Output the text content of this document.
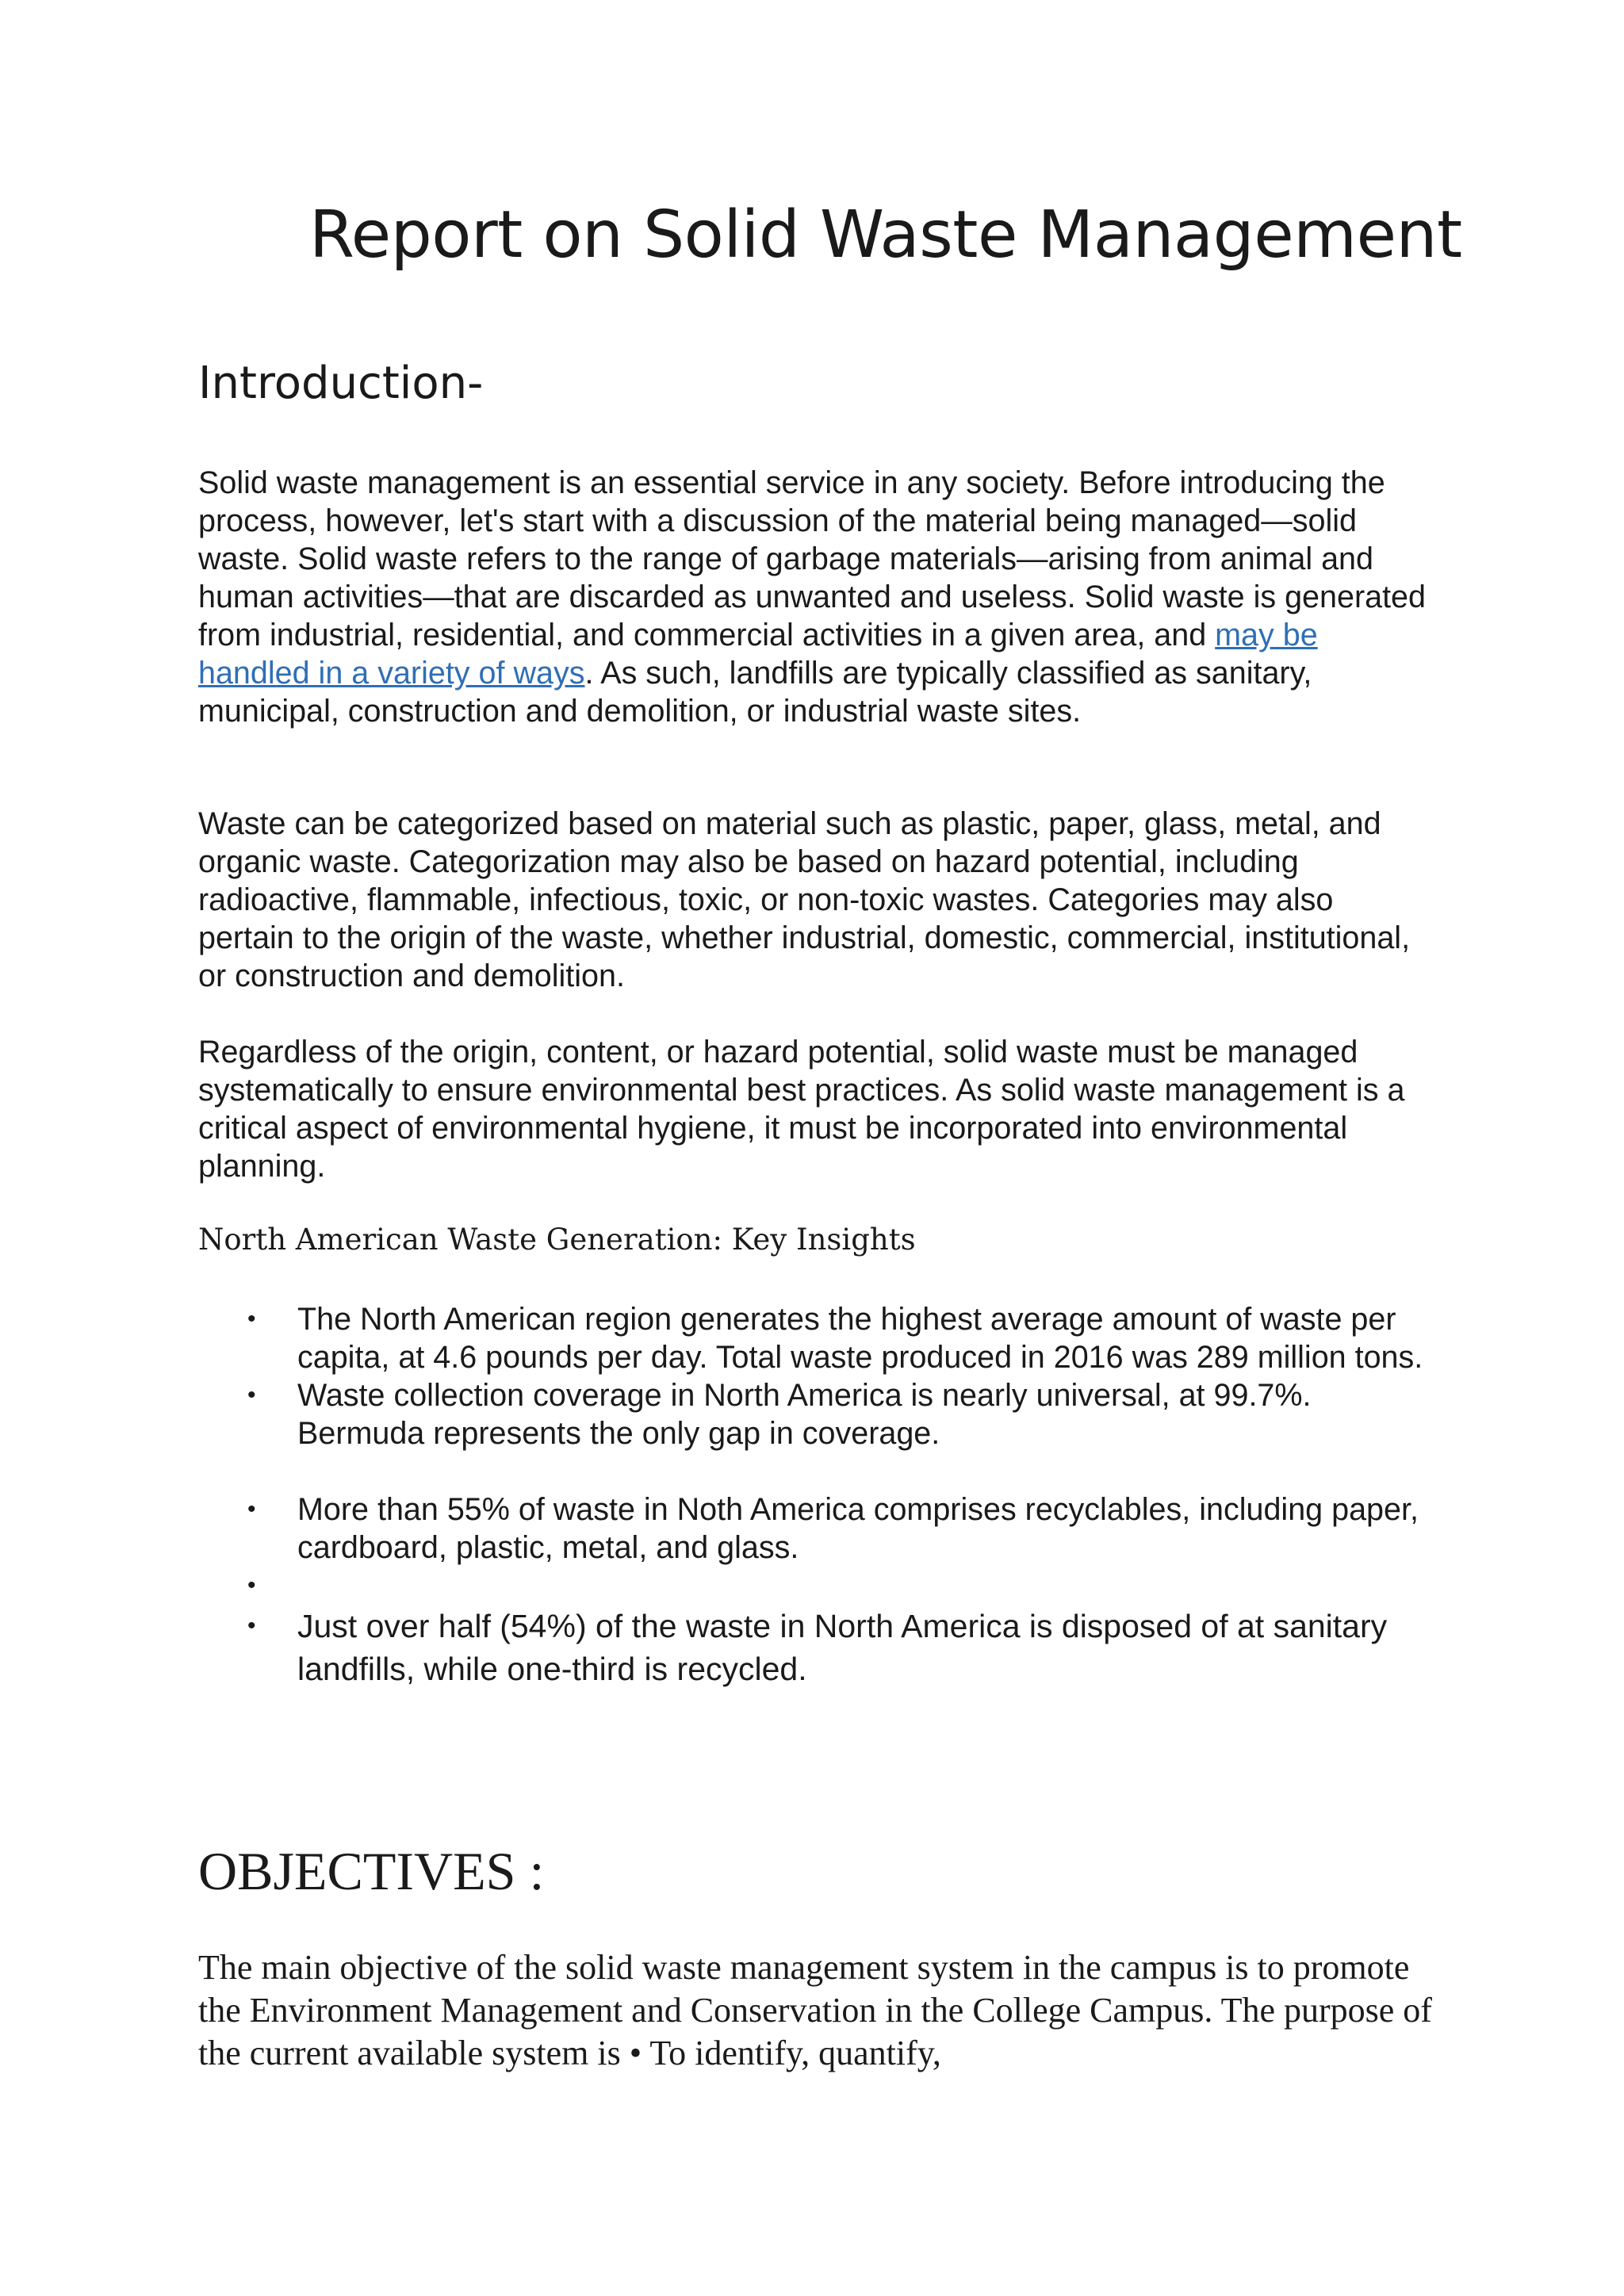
Report on Solid Waste Management
Introduction-

Solid waste management is an essential service in any society. Before introducing the process, however, let's start with a discussion of the material being managed—solid waste. Solid waste refers to the range of garbage materials—arising from animal and human activities—that are discarded as unwanted and useless. Solid waste is generated from industrial, residential, and commercial activities in a given area, and may be handled in a variety of ways. As such, landfills are typically classified as sanitary, municipal, construction and demolition, or industrial waste sites.

Waste can be categorized based on material such as plastic, paper, glass, metal, and organic waste. Categorization may also be based on hazard potential, including radioactive, flammable, infectious, toxic, or non-toxic wastes. Categories may also pertain to the origin of the waste, whether industrial, domestic, commercial, institutional, or construction and demolition.

Regardless of the origin, content, or hazard potential, solid waste must be managed systematically to ensure environmental best practices. As solid waste management is a critical aspect of environmental hygiene, it must be incorporated into environmental planning.

North American Waste Generation: Key Insights

• The North American region generates the highest average amount of waste per capita, at 4.6 pounds per day. Total waste produced in 2016 was 289 million tons.
• Waste collection coverage in North America is nearly universal, at 99.7%. Bermuda represents the only gap in coverage.
• More than 55% of waste in Noth America comprises recyclables, including paper, cardboard, plastic, metal, and glass.
•
• Just over half (54%) of the waste in North America is disposed of at sanitary landfills, while one-third is recycled.
OBJECTIVES :

The main objective of the solid waste management system in the campus is to promote the Environment Management and Conservation in the College Campus. The purpose of the current available system is • To identify, quantify,
